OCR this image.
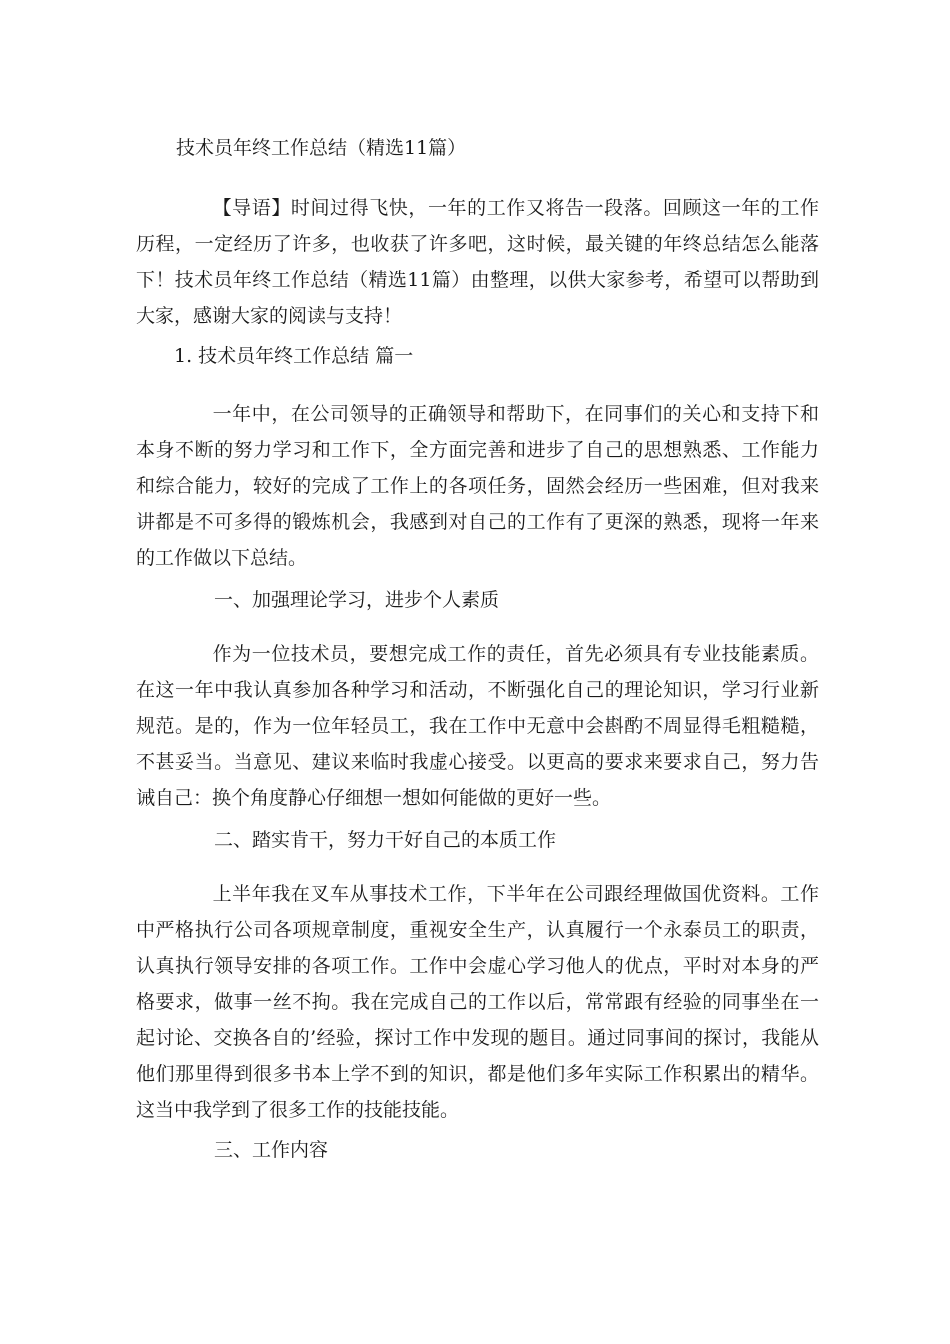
技术员年终工作总结（精选11篇）

【导语】时间过得飞快，一年的工作又将告一段落。回顾这一年的工作历程，一定经历了许多，也收获了许多吧，这时候，最关键的年终总结怎么能落下！技术员年终工作总结（精选11篇）由整理，以供大家参考，希望可以帮助到大家，感谢大家的阅读与支持！

1. 技术员年终工作总结 篇一

一年中，在公司领导的正确领导和帮助下，在同事们的关心和支持下和本身不断的努力学习和工作下，全方面完善和进步了自己的思想熟悉、工作能力和综合能力，较好的完成了工作上的各项任务，固然会经历一些困难，但对我来讲都是不可多得的锻炼机会，我感到对自己的工作有了更深的熟悉，现将一年来的工作做以下总结。

一、加强理论学习，进步个人素质

作为一位技术员，要想完成工作的责任，首先必须具有专业技能素质。在这一年中我认真参加各种学习和活动，不断强化自己的理论知识，学习行业新规范。是的，作为一位年轻员工，我在工作中无意中会斟酌不周显得毛粗糙糙，不甚妥当。当意见、建议来临时我虚心接受。以更高的要求来要求自己，努力告诫自己：换个角度静心仔细想一想如何能做的更好一些。

二、踏实肯干，努力干好自己的本质工作

上半年我在叉车从事技术工作，下半年在公司跟经理做国优资料。工作中严格执行公司各项规章制度，重视安全生产，认真履行一个永泰员工的职责，认真执行领导安排的各项工作。工作中会虚心学习他人的优点，平时对本身的严格要求，做事一丝不拘。我在完成自己的工作以后，常常跟有经验的同事坐在一起讨论、交换各自的’经验，探讨工作中发现的题目。通过同事间的探讨，我能从他们那里得到很多书本上学不到的知识，都是他们多年实际工作积累出的精华。这当中我学到了很多工作的技能技能。

三、工作内容
